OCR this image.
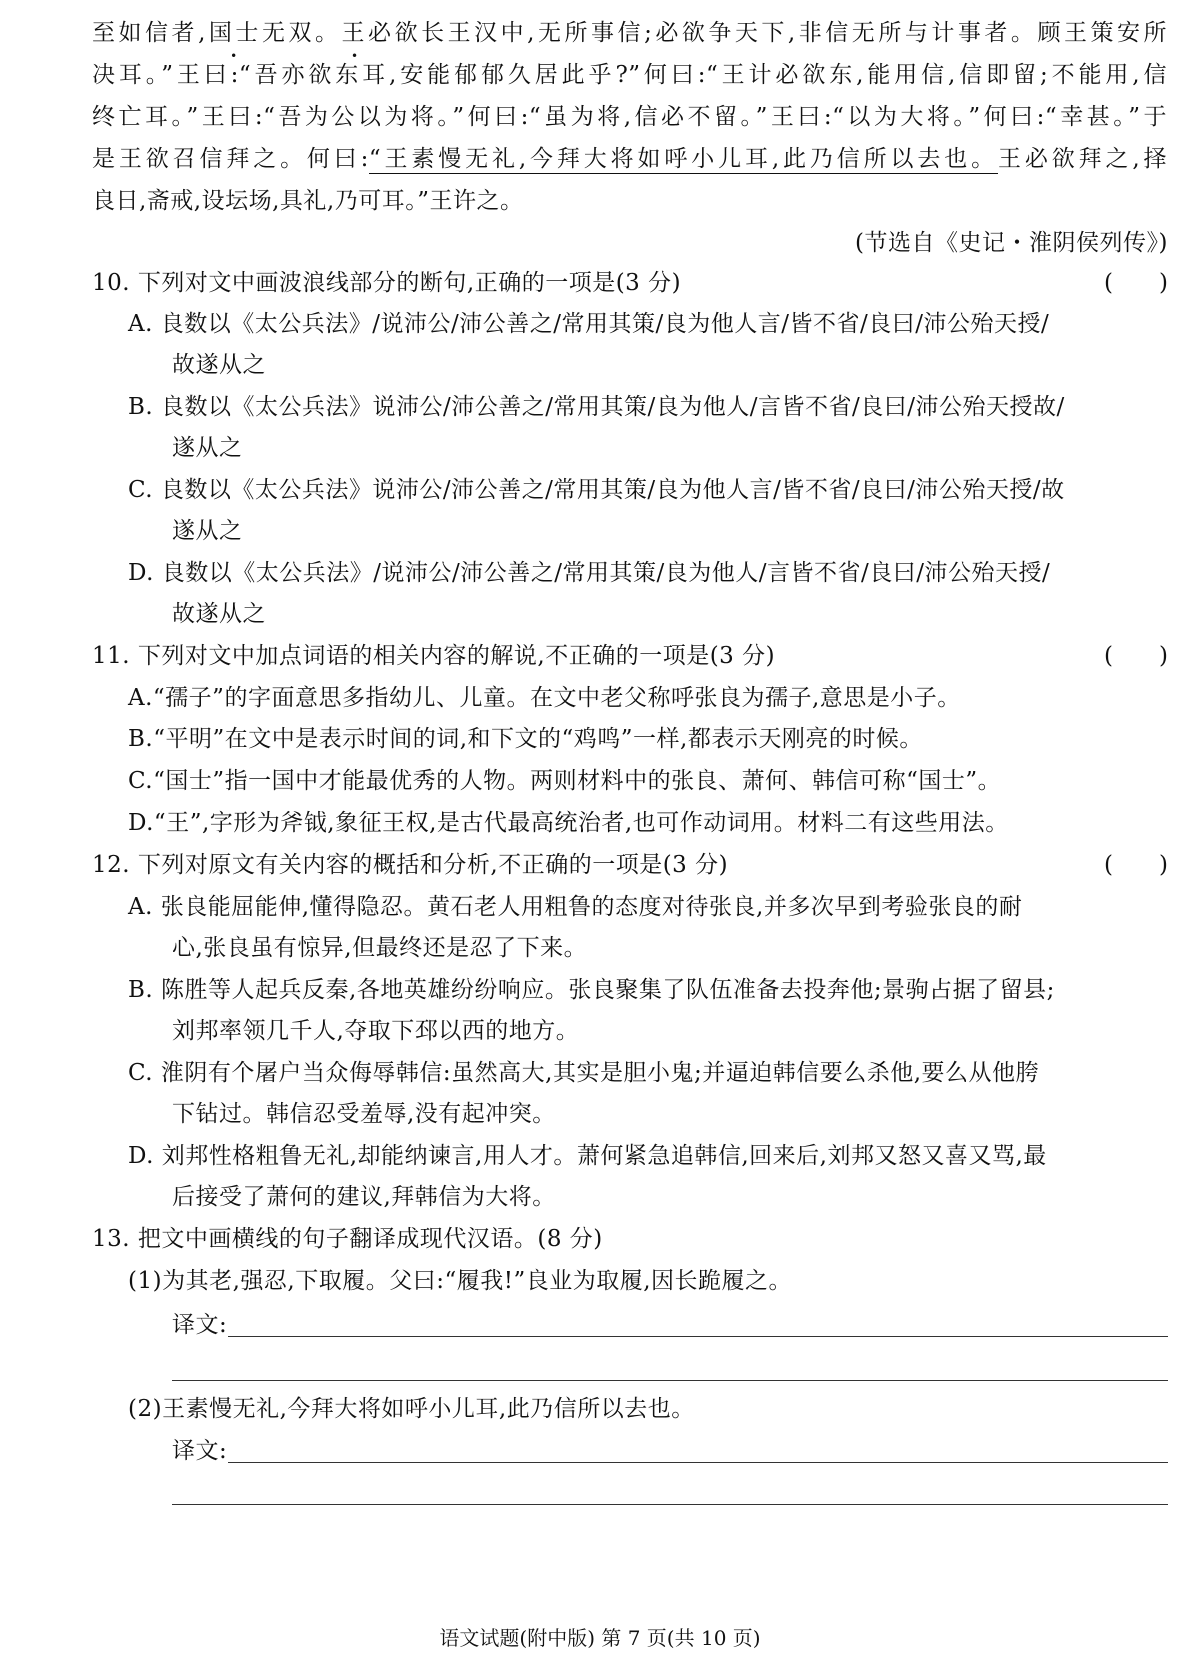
至如信者,国士无双。王必欲长王汉中,无所事信;必欲争天下,非信无所与计事者。顾王策安所
决耳。”王曰:“吾亦欲东耳,安能郁郁久居此乎?”何曰:“王计必欲东,能用信,信即留;不能用,信
终亡耳。”王曰:“吾为公以为将。”何曰:“虽为将,信必不留。”王曰:“以为大将。”何曰:“幸甚。”于
是王欲召信拜之。何曰:“王素慢无礼,今拜大将如呼小儿耳,此乃信所以去也。王必欲拜之,择
良日,斋戒,设坛场,具礼,乃可耳。”王许之。
(节选自《史记・淮阴侯列传》)
10. 下列对文中画波浪线部分的断句,正确的一项是(3 分)	(　　)
A. 良数以《太公兵法》/说沛公/沛公善之/常用其策/良为他人言/皆不省/良曰/沛公殆天授/
故遂从之
B. 良数以《太公兵法》说沛公/沛公善之/常用其策/良为他人/言皆不省/良曰/沛公殆天授故/
遂从之
C. 良数以《太公兵法》说沛公/沛公善之/常用其策/良为他人言/皆不省/良曰/沛公殆天授/故
遂从之
D. 良数以《太公兵法》/说沛公/沛公善之/常用其策/良为他人/言皆不省/良曰/沛公殆天授/
故遂从之
11. 下列对文中加点词语的相关内容的解说,不正确的一项是(3 分)	(　　)
A.“孺子”的字面意思多指幼儿、儿童。在文中老父称呼张良为孺子,意思是小子。
B.“平明”在文中是表示时间的词,和下文的“鸡鸣”一样,都表示天刚亮的时候。
C.“国士”指一国中才能最优秀的人物。两则材料中的张良、萧何、韩信可称“国士”。
D.“王”,字形为斧钺,象征王权,是古代最高统治者,也可作动词用。材料二有这些用法。
12. 下列对原文有关内容的概括和分析,不正确的一项是(3 分)	(　　)
A. 张良能屈能伸,懂得隐忍。黄石老人用粗鲁的态度对待张良,并多次早到考验张良的耐
心,张良虽有惊异,但最终还是忍了下来。
B. 陈胜等人起兵反秦,各地英雄纷纷响应。张良聚集了队伍准备去投奔他;景驹占据了留县;
刘邦率领几千人,夺取下邳以西的地方。
C. 淮阴有个屠户当众侮辱韩信:虽然高大,其实是胆小鬼;并逼迫韩信要么杀他,要么从他胯
下钻过。韩信忍受羞辱,没有起冲突。
D. 刘邦性格粗鲁无礼,却能纳谏言,用人才。萧何紧急追韩信,回来后,刘邦又怒又喜又骂,最
后接受了萧何的建议,拜韩信为大将。
13. 把文中画横线的句子翻译成现代汉语。(8 分)
(1)为其老,强忍,下取履。父曰:“履我!”良业为取履,因长跪履之。
译文:
(2)王素慢无礼,今拜大将如呼小儿耳,此乃信所以去也。
译文:
语文试题(附中版) 第 7 页(共 10 页)
